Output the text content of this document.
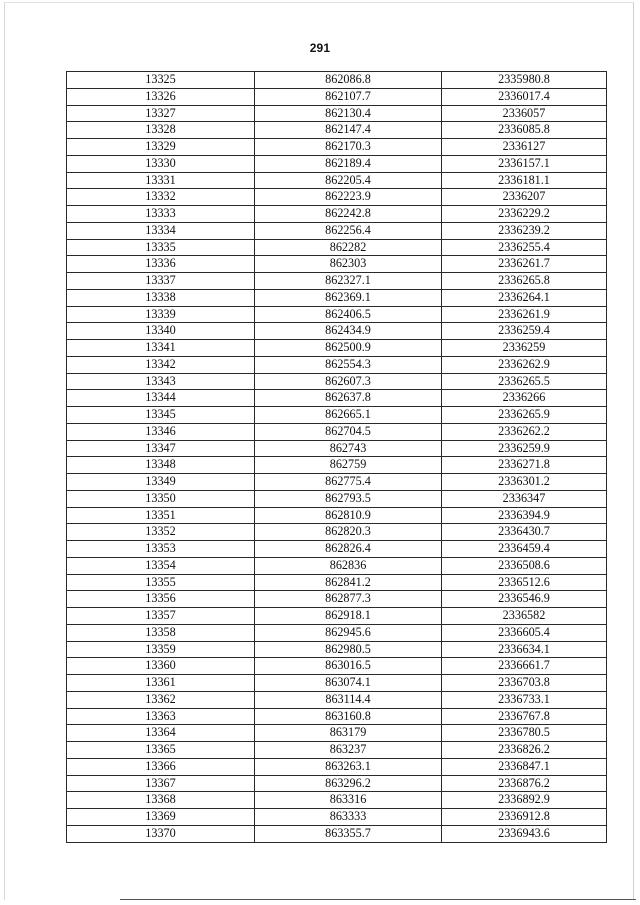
291
13325	862086.8	2335980.8
13326	862107.7	2336017.4
13327	862130.4	2336057
13328	862147.4	2336085.8
13329	862170.3	2336127
13330	862189.4	2336157.1
13331	862205.4	2336181.1
13332	862223.9	2336207
13333	862242.8	2336229.2
13334	862256.4	2336239.2
13335	862282	2336255.4
13336	862303	2336261.7
13337	862327.1	2336265.8
13338	862369.1	2336264.1
13339	862406.5	2336261.9
13340	862434.9	2336259.4
13341	862500.9	2336259
13342	862554.3	2336262.9
13343	862607.3	2336265.5
13344	862637.8	2336266
13345	862665.1	2336265.9
13346	862704.5	2336262.2
13347	862743	2336259.9
13348	862759	2336271.8
13349	862775.4	2336301.2
13350	862793.5	2336347
13351	862810.9	2336394.9
13352	862820.3	2336430.7
13353	862826.4	2336459.4
13354	862836	2336508.6
13355	862841.2	2336512.6
13356	862877.3	2336546.9
13357	862918.1	2336582
13358	862945.6	2336605.4
13359	862980.5	2336634.1
13360	863016.5	2336661.7
13361	863074.1	2336703.8
13362	863114.4	2336733.1
13363	863160.8	2336767.8
13364	863179	2336780.5
13365	863237	2336826.2
13366	863263.1	2336847.1
13367	863296.2	2336876.2
13368	863316	2336892.9
13369	863333	2336912.8
13370	863355.7	2336943.6
